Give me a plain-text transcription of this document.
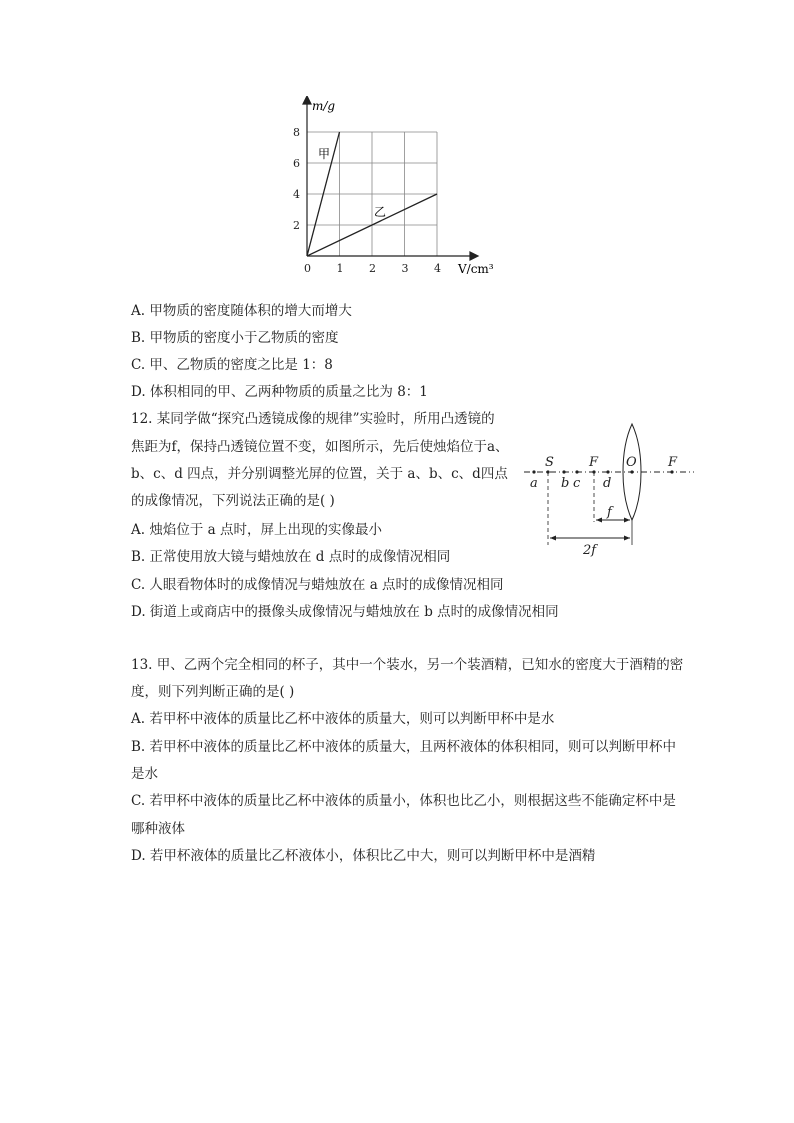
0 1 2 3 4
2
4
6
8
m/g
V/cm³
甲
乙
A. 甲物质的密度随体积的增大而增大
B. 甲物质的密度小于乙物质的密度
C. 甲、乙物质的密度之比是 1：8
D. 体积相同的甲、乙两种物质的质量之比为 8：1
12. 某同学做“探究凸透镜成像的规律”实验时，所用凸透镜的
焦距为f，保持凸透镜位置不变，如图所示，先后使烛焰位于a、
b、c、d 四点，并分别调整光屏的位置，关于 a、b、c、d四点
的成像情况，下列说法正确的是( )
S	F O F
a b c d
f
2f
A. 烛焰位于 a 点时，屏上出现的实像最小
B. 正常使用放大镜与蜡烛放在 d 点时的成像情况相同
C. 人眼看物体时的成像情况与蜡烛放在 a 点时的成像情况相同
D. 街道上或商店中的摄像头成像情况与蜡烛放在 b 点时的成像情况相同
13. 甲、乙两个完全相同的杯子，其中一个装水，另一个装酒精，已知水的密度大于酒精的密
度，则下列判断正确的是( )
A. 若甲杯中液体的质量比乙杯中液体的质量大，则可以判断甲杯中是水
B. 若甲杯中液体的质量比乙杯中液体的质量大，且两杯液体的体积相同，则可以判断甲杯中
是水
C. 若甲杯中液体的质量比乙杯中液体的质量小，体积也比乙小，则根据这些不能确定杯中是
哪种液体
D. 若甲杯液体的质量比乙杯液体小，体积比乙中大，则可以判断甲杯中是酒精
